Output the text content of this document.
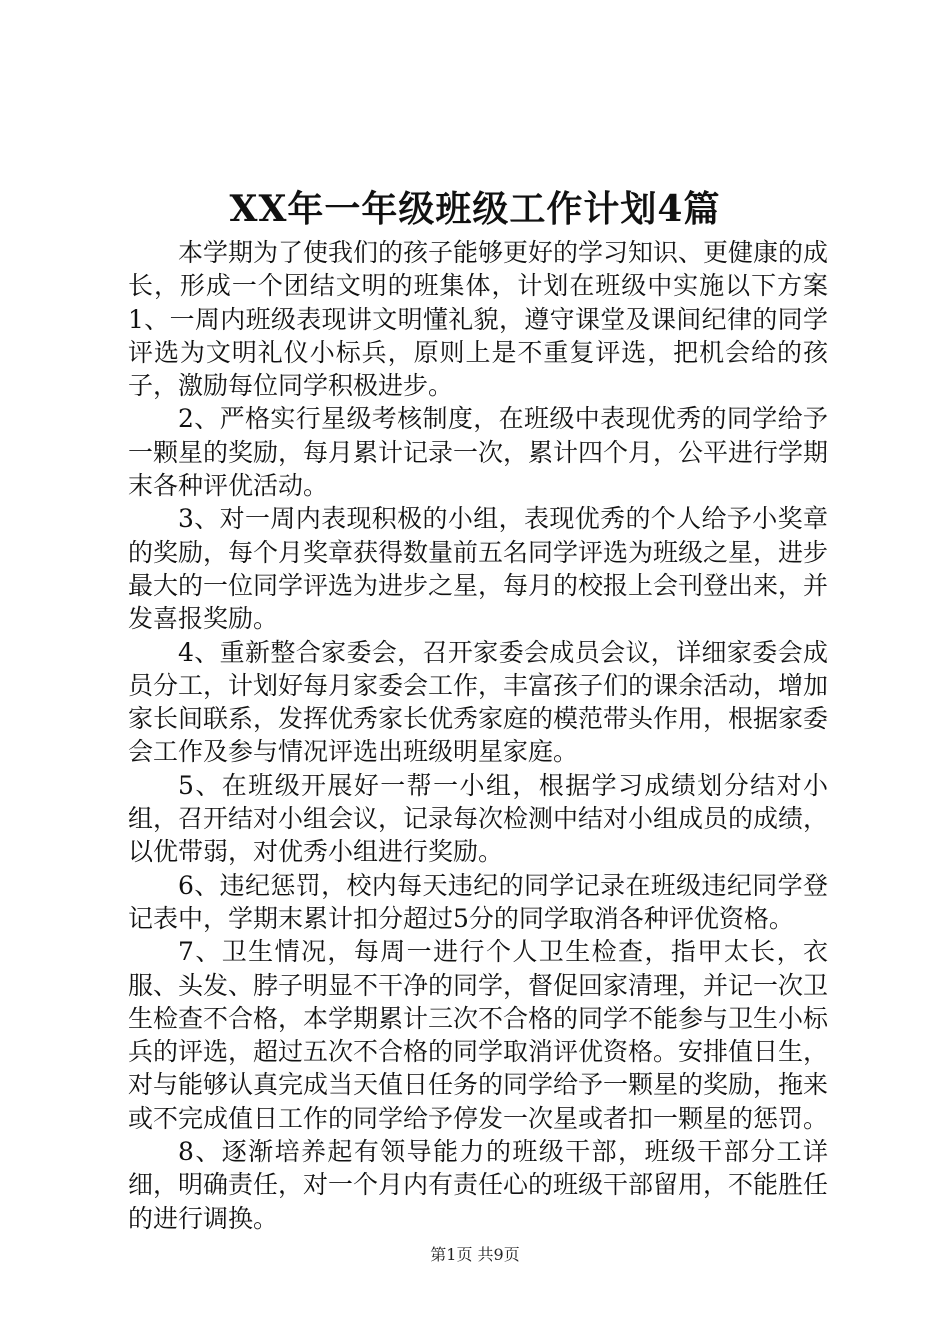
XX年一年级班级工作计划4篇

本学期为了使我们的孩子能够更好的学习知识、更健康的成长，形成一个团结文明的班集体，计划在班级中实施以下方案1、一周内班级表现讲文明懂礼貌，遵守课堂及课间纪律的同学评选为文明礼仪小标兵，原则上是不重复评选，把机会给的孩子，激励每位同学积极进步。

2、严格实行星级考核制度，在班级中表现优秀的同学给予一颗星的奖励，每月累计记录一次，累计四个月，公平进行学期末各种评优活动。

3、对一周内表现积极的小组，表现优秀的个人给予小奖章的奖励，每个月奖章获得数量前五名同学评选为班级之星，进步最大的一位同学评选为进步之星，每月的校报上会刊登出来，并发喜报奖励。

4、重新整合家委会，召开家委会成员会议，详细家委会成员分工，计划好每月家委会工作，丰富孩子们的课余活动，增加家长间联系，发挥优秀家长优秀家庭的模范带头作用，根据家委会工作及参与情况评选出班级明星家庭。

5、在班级开展好一帮一小组，根据学习成绩划分结对小组，召开结对小组会议，记录每次检测中结对小组成员的成绩，以优带弱，对优秀小组进行奖励。

6、违纪惩罚，校内每天违纪的同学记录在班级违纪同学登记表中，学期末累计扣分超过5分的同学取消各种评优资格。

7、卫生情况，每周一进行个人卫生检查，指甲太长，衣服、头发、脖子明显不干净的同学，督促回家清理，并记一次卫生检查不合格，本学期累计三次不合格的同学不能参与卫生小标兵的评选，超过五次不合格的同学取消评优资格。安排值日生，对与能够认真完成当天值日任务的同学给予一颗星的奖励，拖来或不完成值日工作的同学给予停发一次星或者扣一颗星的惩罚。

8、逐渐培养起有领导能力的班级干部，班级干部分工详细，明确责任，对一个月内有责任心的班级干部留用，不能胜任的进行调换。

第1页 共9页
